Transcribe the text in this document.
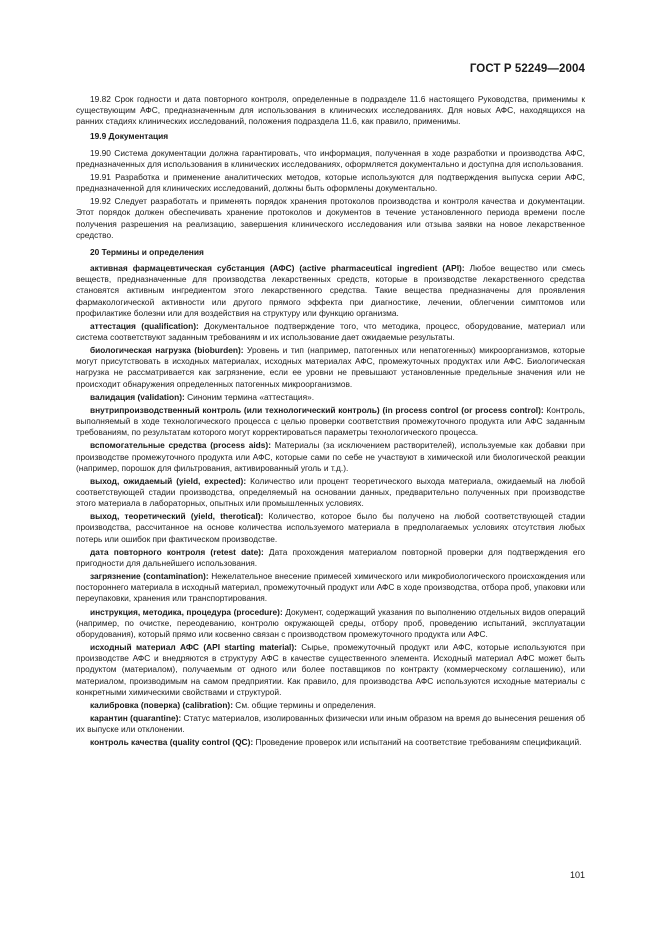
ГОСТ Р 52249—2004

19.82 Срок годности и дата повторного контроля, определенные в подразделе 11.6 настоящего Руководства, применимы к существующим АФС, предназначенным для использования в клинических исследованиях. Для новых АФС, находящихся на ранних стадиях клинических исследований, положения подраздела 11.6, как правило, применимы.

19.9 Документация

19.90 Система документации должна гарантировать, что информация, полученная в ходе разработки и производства АФС, предназначенных для использования в клинических исследованиях, оформляется документально и доступна для использования.

19.91 Разработка и применение аналитических методов, которые используются для подтверждения выпуска серии АФС, предназначенной для клинических исследований, должны быть оформлены документально.

19.92 Следует разработать и применять порядок хранения протоколов производства и контроля качества и документации. Этот порядок должен обеспечивать хранение протоколов и документов в течение установленного периода времени после получения разрешения на реализацию, завершения клинического исследования или отзыва заявки на новое лекарственное средство.

20 Термины и определения

активная фармацевтическая субстанция (АФС) (active pharmaceutical ingredient (API): Любое вещество или смесь веществ, предназначенные для производства лекарственных средств, которые в производстве лекарственного средства становятся активным ингредиентом этого лекарственного средства. Такие вещества предназначены для проявления фармакологической активности или другого прямого эффекта при диагностике, лечении, облегчении симптомов или профилактике болезни или для воздействия на структуру или функцию организма.

аттестация (qualification): Документальное подтверждение того, что методика, процесс, оборудование, материал или система соответствуют заданным требованиям и их использование дает ожидаемые результаты.

биологическая нагрузка (bioburden): Уровень и тип (например, патогенных или непатогенных) микроорганизмов, которые могут присутствовать в исходных материалах, исходных материалах АФС, промежуточных продуктах или АФС. Биологическая нагрузка не рассматривается как загрязнение, если ее уровни не превышают установленные предельные значения или не происходит обнаружения определенных патогенных микроорганизмов.

валидация (validation): Синоним термина «аттестация».

внутрипроизводственный контроль (или технологический контроль) (in process control (or process control): Контроль, выполняемый в ходе технологического процесса с целью проверки соответствия промежуточного продукта или АФС заданным требованиям, по результатам которого могут корректироваться параметры технологического процесса.

вспомогательные средства (process aids): Материалы (за исключением растворителей), используемые как добавки при производстве промежуточного продукта или АФС, которые сами по себе не участвуют в химической или биологической реакции (например, порошок для фильтрования, активированный уголь и т.д.).

выход, ожидаемый (yield, expected): Количество или процент теоретического выхода материала, ожидаемый на любой соответствующей стадии производства, определяемый на основании данных, предварительно полученных при производстве этого материала в лабораторных, опытных или промышленных условиях.

выход, теоретический (yield, therotical): Количество, которое было бы получено на любой соответствующей стадии производства, рассчитанное на основе количества используемого материала в предполагаемых условиях отсутствия любых потерь или ошибок при фактическом производстве.

дата повторного контроля (retest date): Дата прохождения материалом повторной проверки для подтверждения его пригодности для дальнейшего использования.

загрязнение (contamination): Нежелательное внесение примесей химического или микробиологического происхождения или постороннего материала в исходный материал, промежуточный продукт или АФС в ходе производства, отбора проб, упаковки или переупаковки, хранения или транспортирования.

инструкция, методика, процедура (procedure): Документ, содержащий указания по выполнению отдельных видов операций (например, по очистке, переодеванию, контролю окружающей среды, отбору проб, проведению испытаний, эксплуатации оборудования), который прямо или косвенно связан с производством промежуточного продукта или АФС.

исходный материал АФС (API starting material): Сырье, промежуточный продукт или АФС, которые используются при производстве АФС и внедряются в структуру АФС в качестве существенного элемента. Исходный материал АФС может быть продуктом (материалом), получаемым от одного или более поставщиков по контракту (коммерческому соглашению), или материалом, производимым на самом предприятии. Как правило, для производства АФС используются исходные материалы с конкретными химическими свойствами и структурой.

калибровка (поверка) (calibration): См. общие термины и определения.

карантин (quarantine): Статус материалов, изолированных физически или иным образом на время до вынесения решения об их выпуске или отклонении.

контроль качества (quality control (QC): Проведение проверок или испытаний на соответствие требованиям спецификаций.

101
